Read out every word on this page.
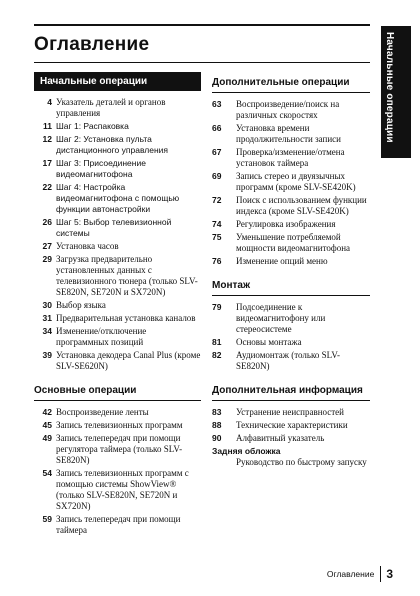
Оглавление	Начальные операции
Начальные операции
4 Указатель деталей и органов управления
11 Шаг 1: Распаковка
12 Шаг 2: Установка пульта дистанционного управления
17 Шаг 3: Присоединение видеомагнитофона
22 Шаг 4: Настройка видеомагнитофона с помощью функции автонастройки
26 Шаг 5: Выбор телевизионной системы
27 Установка часов
29 Загрузка предварительно установленных данных с телевизионного тюнера (только SLV-SE820N, SE720N и SX720N)
30 Выбор языка
31 Предварительная установка каналов
34 Изменение/отключение программных позиций
39 Установка декодера Canal Plus (кроме SLV-SE620N)
Основные операции
42 Воспроизведение ленты
45 Запись телевизионных программ
49 Запись телепередач при помощи регулятора таймера (только SLV-SE820N)
54 Запись телевизионных программ с помощью системы ShowView® (только SLV-SE820N, SE720N и SX720N)
59 Запись телепередач при помощи таймера
Дополнительные операции
63	Воспроизведение/поиск на различных скоростях
66	Установка времени продолжительности записи
67	Проверка/изменение/отмена установок таймера
69	Запись стерео и двуязычных программ (кроме SLV-SE420K)
72	Поиск с использованием функции индекса (кроме SLV-SE420K)
74	Регулировка изображения
75	Уменьшение потребляемой мощности видеомагнитофона
76	Изменение опций меню
Монтаж
79	Подсоединение к видеомагнитофону или стереосистеме
81	Основы монтажа
82	Аудиомонтаж (только SLV-SE820N)
Дополнительная информация
83	Устранение неисправностей
88	Технические характеристики
90	Алфавитный указатель
Задняя обложка
Руководство по быстрому запуску
Оглавление	3
